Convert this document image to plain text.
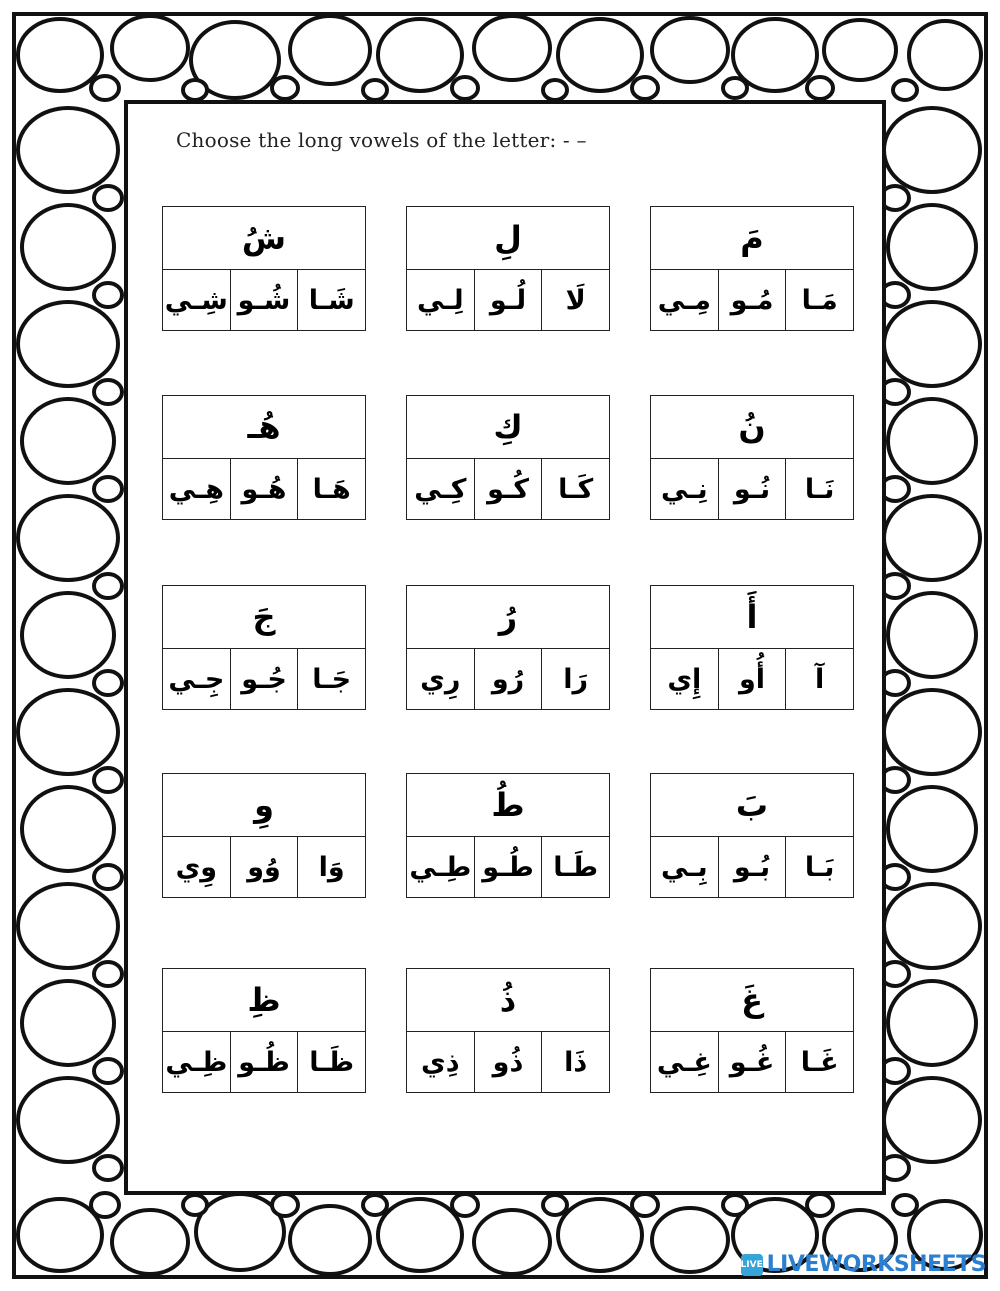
Choose the long vowels of the letter: - –
مَ
مَـا
مُـو
مِـي
لِ
لَا
لُـو
لِـي
شُ
شَـا
شُـو
شِـي
نُ
نَـا
نُـو
نِـي
كِ
كَـا
كُـو
كِـي
هُـ
هَـا
هُـو
هِـي
أَ
آ
أُو
إِي
رُ
رَا
رُو
رِي
جَ
جَـا
جُـو
جِـي
بَ
بَـا
بُـو
بِـي
طُ
طَـا
طُـو
طِـي
وِ
وَا
وُو
وِي
غَ
غَـا
غُـو
غِـي
ذُ
ذَا
ذُو
ذِي
ظِ
ظَـا
ظُـو
ظِـي
LIVE LIVEWORKSHEETS
